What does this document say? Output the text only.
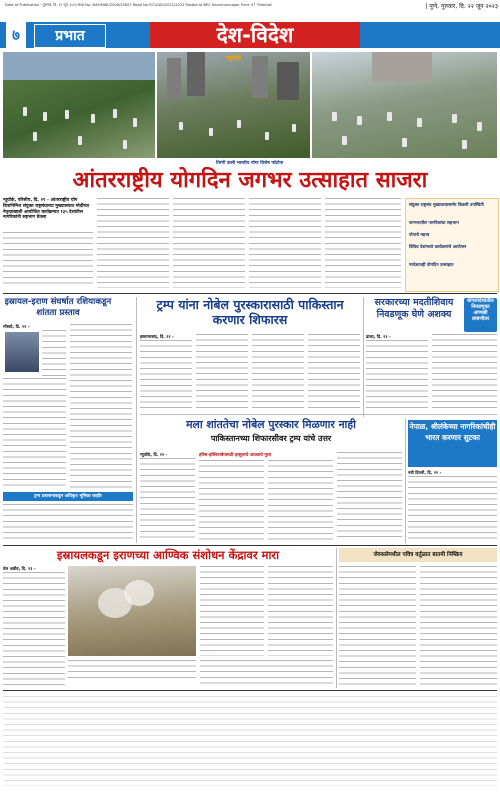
Date of Publication : गुरुवार, दि. २२ जून २०२३ RNI No. MAHMAR/2008/25897 Regd No P/C/ADS/2021/2023 Posted at BPC Hanumannagar Pune 37 'Prabhat'	| पुणे, गुरुवार, दि. २२ जून २०२३
७	प्रभात	देश-विदेश
न्यूयॉर्क
तिरंगी डाली भारतीय योगा विशेष फोटोज
आंतरराष्ट्रीय योगदिन जगभर उत्साहात साजरा
न्यूयॉर्क, परिसीप, दि. २१ - आंतरराष्ट्रीय योग दिनानिमित्त संयुक्त राष्ट्रसंघाच्या मुख्यालयात मोदींच्या नेतृत्वाखाली आयोजित कार्यक्रमात १३५ देशांतील नागरिकांनी सहभाग घेतला
संयुक्त राष्ट्रसंघ मुख्यालयासमोर विक्रमी उपस्थिती
जगभरातील नागरिकांचा सहभाग
योगाचे महत्त्व
विविध देशांमध्ये कार्यक्रमांचे आयोजन
परदेशातही योगदिन उत्साहात
इस्रायल-इराण संघर्षात रशियाकडून शांतता प्रस्ताव
मॉस्को, दि. २१ -
ट्रम्प प्रशासनाकडून अधिकृत भूमिका जाहीर
ट्रम्प यांना नोबेल पुरस्कारासाठी पाकिस्तान करणार शिफारस
इस्लामाबाद, दि. २१ -
सरकारच्या मदतीशिवाय निवडणूक घेणे अशक्य
बांगलादेशातील निवडणुका आणखी लांबणीवर
ढाका, दि. २१ -
मला शांततेचा नोबेल पुरस्कार मिळणार नाही
पाकिस्तानच्या शिफारसीवर ट्रम्प यांचे उत्तर
न्यूयॉर्क, दि. २१ -	हरिस-इस्लियाबेपसाठी हासुलाचे अप्रश्नाचे मुला
नेपाळ, श्रीलंकेच्या नागरिकांचीही भारत करणार सुटका
नवी दिल्ली, दि. २१ -
इस्रायलकडून इराणच्या आण्विक संशोधन केंद्रावर मारा
तेल अवीव, दि. २१ -
जेरुसलेमधील पवित्र वर्तुळात बातमी निष्क्रिय
